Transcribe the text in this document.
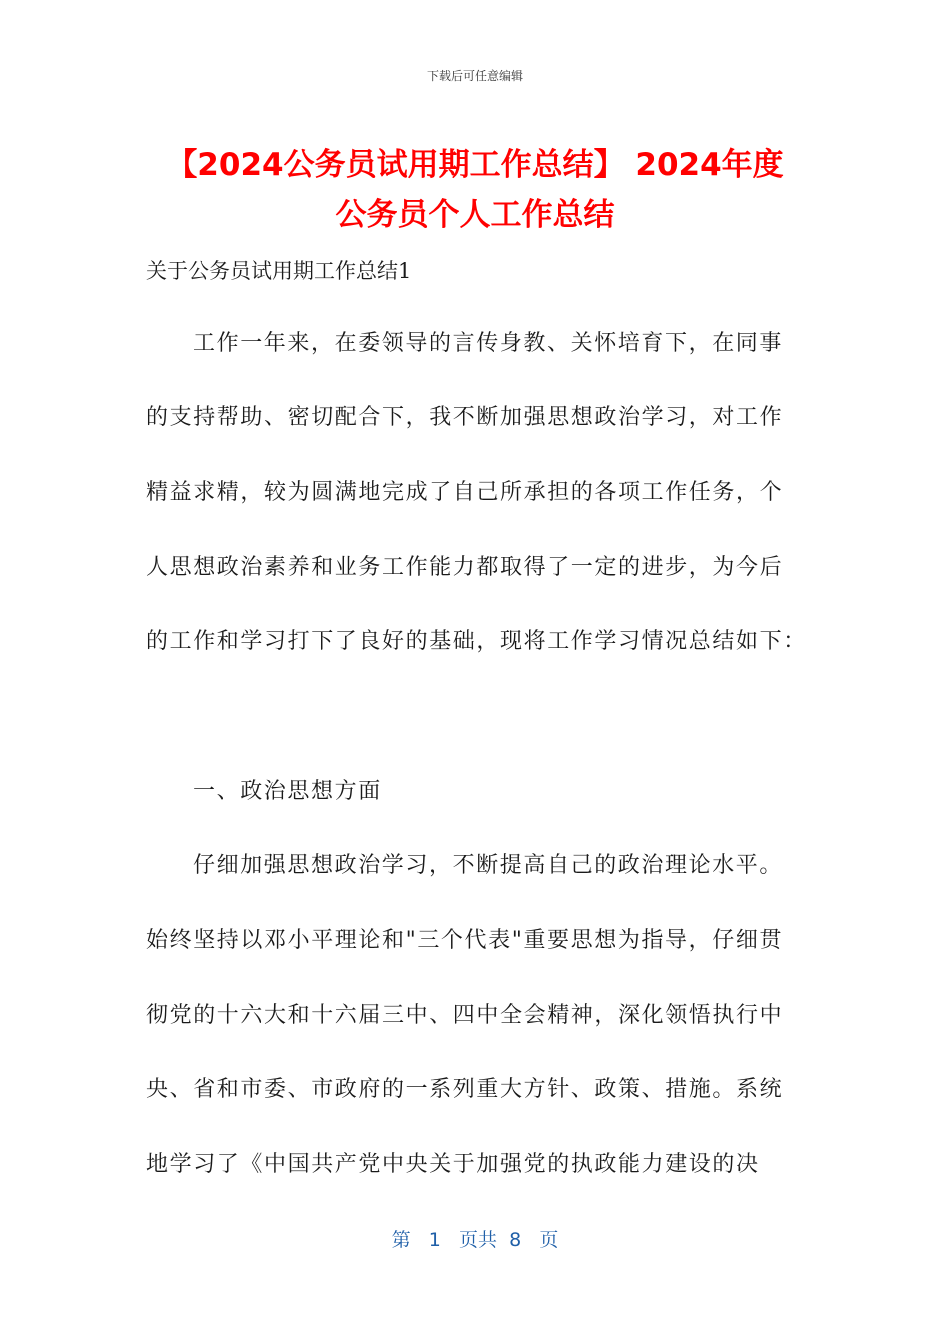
下载后可任意编辑
【2024公务员试用期工作总结】 2024年度
公务员个人工作总结
关于公务员试用期工作总结1
工作一年来，在委领导的言传身教、关怀培育下，在同事
的支持帮助、密切配合下，我不断加强思想政治学习，对工作
精益求精，较为圆满地完成了自己所承担的各项工作任务，个
人思想政治素养和业务工作能力都取得了一定的进步，为今后
的工作和学习打下了良好的基础，现将工作学习情况总结如下：
一、政治思想方面
仔细加强思想政治学习，不断提高自己的政治理论水平。
始终坚持以邓小平理论和"三个代表"重要思想为指导，仔细贯
彻党的十六大和十六届三中、四中全会精神，深化领悟执行中
央、省和市委、市政府的一系列重大方针、政策、措施。系统
地学习了《中国共产党中央关于加强党的执政能力建设的决
第 1 页共 8 页
